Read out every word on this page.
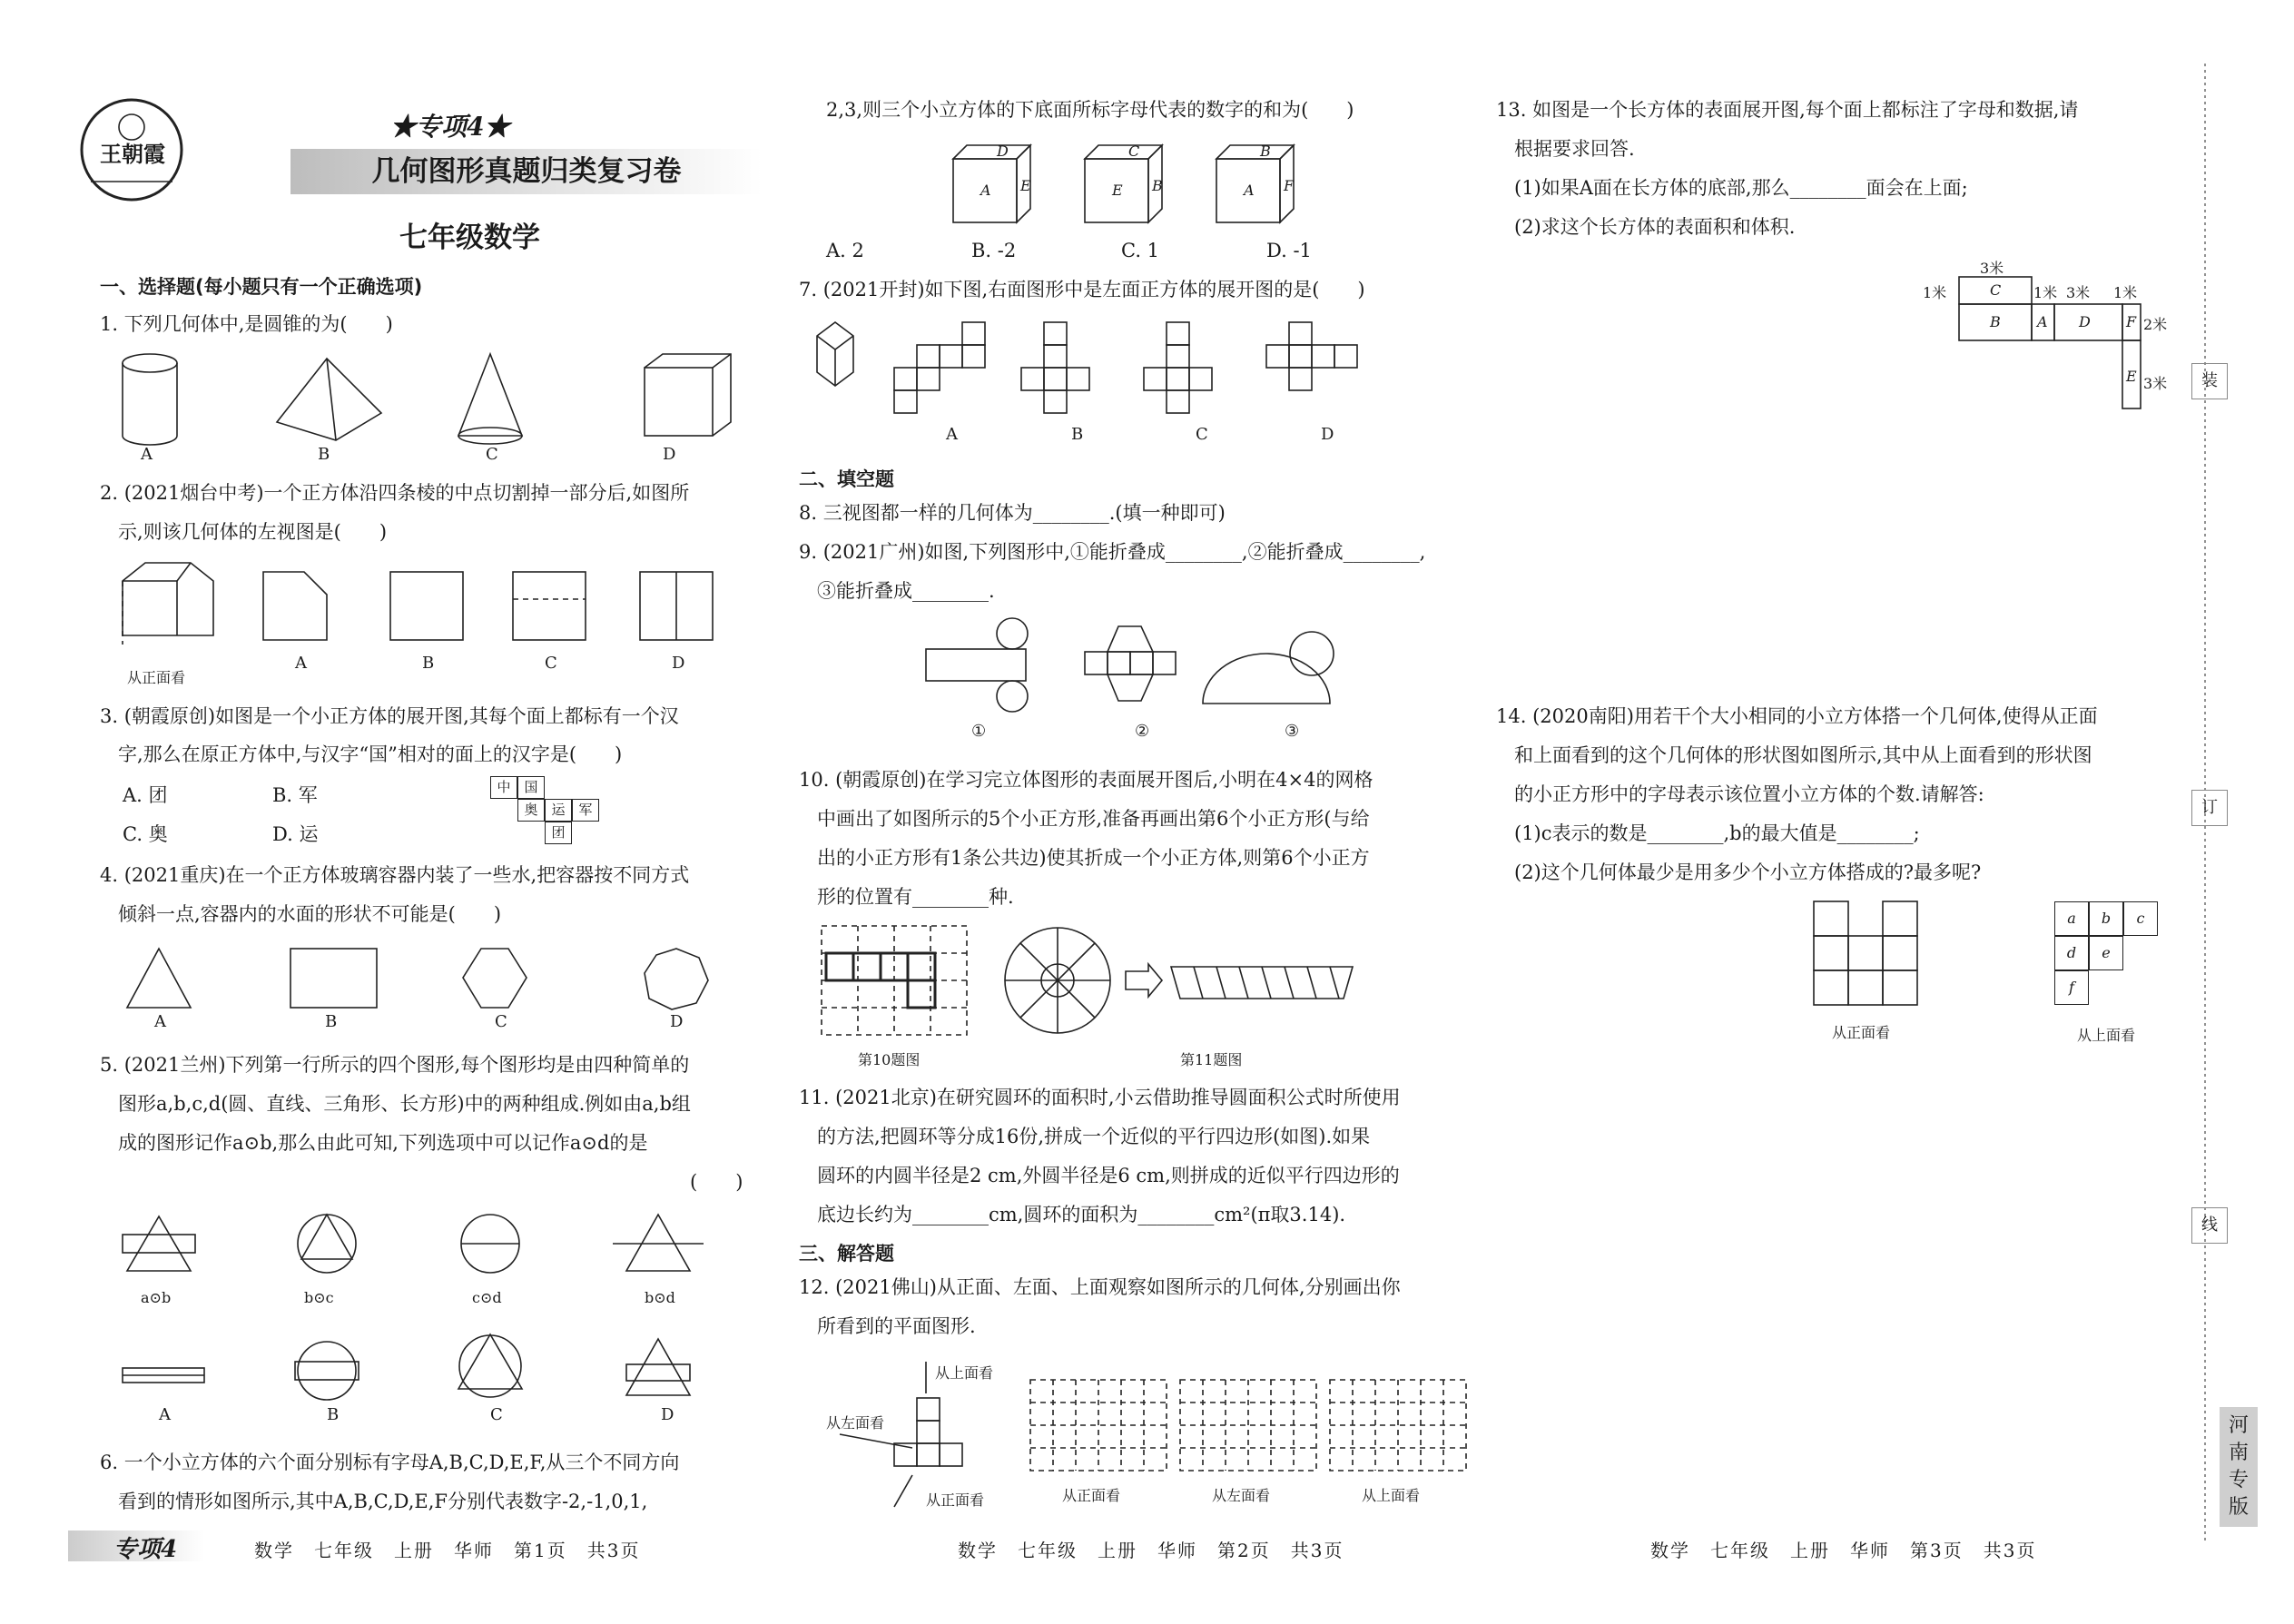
王朝霞
★专项4★
几何图形真题归类复习卷
七年级数学
一、选择题(每小题只有一个正确选项)
1. 下列几何体中,是圆锥的为(　　)
A	B	C	D
2. (2021烟台中考)一个正方体沿四条棱的中点切割掉一部分后,如图所
示,则该几何体的左视图是(　　)
从正面看
A	B	C	D
3. (朝霞原创)如图是一个小正方体的展开图,其每个面上都标有一个汉
字,那么在原正方体中,与汉字“国”相对的面上的汉字是(　　)
A. 团	B. 军
C. 奥	D. 运
中 国
奥 运 军
团
4. (2021重庆)在一个正方体玻璃容器内装了一些水,把容器按不同方式
倾斜一点,容器内的水面的形状不可能是(　　)
A	B	C	D
5. (2021兰州)下列第一行所示的四个图形,每个图形均是由四种简单的
图形a,b,c,d(圆、直线、三角形、长方形)中的两种组成.例如由a,b组
成的图形记作a⊙b,那么由此可知,下列选项中可以记作a⊙d的是
(　　)
a⊙b	b⊙c	c⊙d	b⊙d
A	B	C	D
6. 一个小立方体的六个面分别标有字母A,B,C,D,E,F,从三个不同方向
看到的情形如图所示,其中A,B,C,D,E,F分别代表数字-2,-1,0,1,
专项4	数学　七年级　上册　华师　第1页　共3页
2,3,则三个小立方体的下底面所标字母代表的数字的和为(　　)
D
A E
C
E B
B
A F
A. 2	B. -2	C. 1	D. -1
7. (2021开封)如下图,右面图形中是左面正方体的展开图的是(　　)
A	B	C	D
二、填空题
8. 三视图都一样的几何体为________.(填一种即可)
9. (2021广州)如图,下列图形中,①能折叠成________,②能折叠成________,
③能折叠成________.
①	②	③
10. (朝霞原创)在学习完立体图形的表面展开图后,小明在4×4的网格
中画出了如图所示的5个小正方形,准备再画出第6个小正方形(与给
出的小正方形有1条公共边)使其折成一个小正方体,则第6个小正方
形的位置有________种.
第10题图	第11题图
11. (2021北京)在研究圆环的面积时,小云借助推导圆面积公式时所使用
的方法,把圆环等分成16份,拼成一个近似的平行四边形(如图).如果
圆环的内圆半径是2 cm,外圆半径是6 cm,则拼成的近似平行四边形的
底边长约为________cm,圆环的面积为________cm²(π取3.14).
三、解答题
12. (2021佛山)从正面、左面、上面观察如图所示的几何体,分别画出你
所看到的平面图形.
从上面看
从左面看
从正面看	从正面看	从左面看	从上面看
数学　七年级　上册　华师　第2页　共3页
13. 如图是一个长方体的表面展开图,每个面上都标注了字母和数据,请
根据要求回答.
(1)如果A面在长方体的底部,那么________面会在上面;
(2)求这个长方体的表面积和体积.
3米
1米	1米 3米 1米
2米
3米
C
B	A D F
E
14. (2020南阳)用若干个大小相同的小立方体搭一个几何体,使得从正面
和上面看到的这个几何体的形状图如图所示,其中从上面看到的形状图
的小正方形中的字母表示该位置小立方体的个数.请解答:
(1)c表示的数是________,b的最大值是________;
(2)这个几何体最少是用多少个小立方体搭成的?最多呢?
从正面看
a	b	c
d	e
f
从上面看
数学　七年级　上册　华师　第3页　共3页
装
订
线
河南专版
